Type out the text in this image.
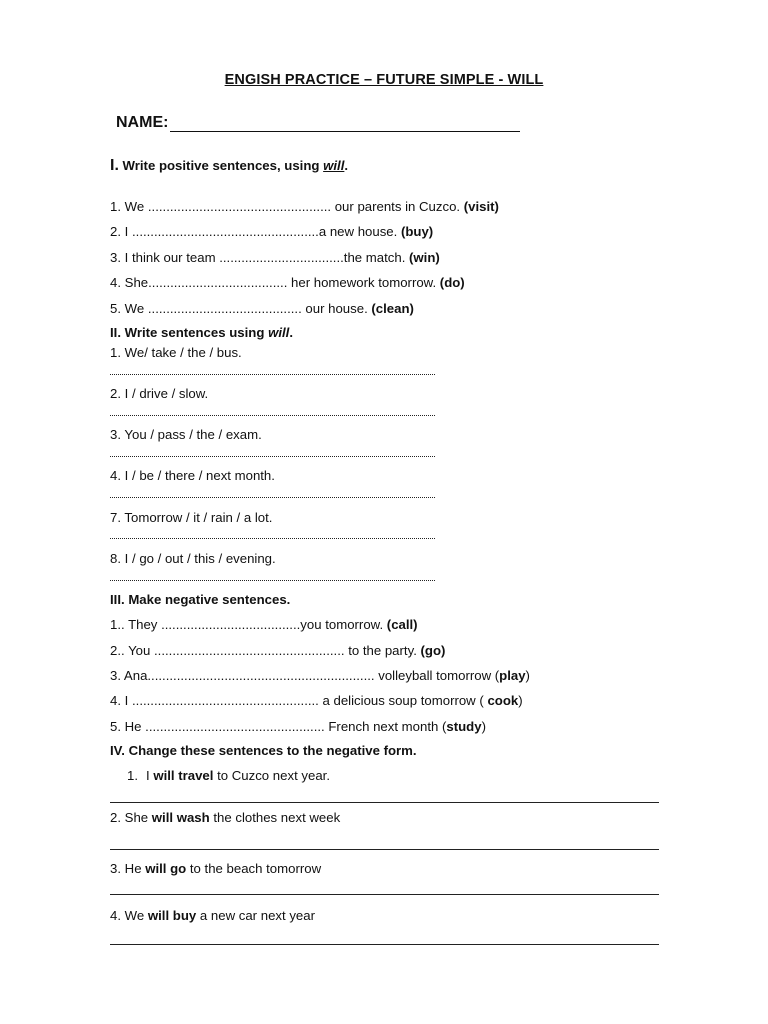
ENGISH PRACTICE – FUTURE SIMPLE - WILL
NAME:
I. Write positive sentences, using will.
1. We .................................................. our parents in Cuzco. (visit)
2. I ...................................................a new house. (buy)
3. I think our team ..................................the match. (win)
4. She...................................... her homework tomorrow. (do)
5. We .......................................... our house. (clean)
II. Write sentences using will.
1. We/ take / the / bus.
2. I / drive / slow.
3. You / pass / the / exam.
4. I / be / there / next month.
7. Tomorrow / it / rain / a lot.
8. I / go / out / this / evening.
III. Make negative sentences.
1.. They ......................................you tomorrow. (call)
2.. You .................................................... to the party. (go)
3. Ana.............................................................. volleyball tomorrow (play)
4. I ................................................... a delicious soup tomorrow ( cook)
5. He ................................................. French next month (study)
IV. Change these sentences to the negative form.
1. I will travel to Cuzco next year.
2. She will wash the clothes next week
3. He will go to the beach tomorrow
4. We will buy a new car next year
